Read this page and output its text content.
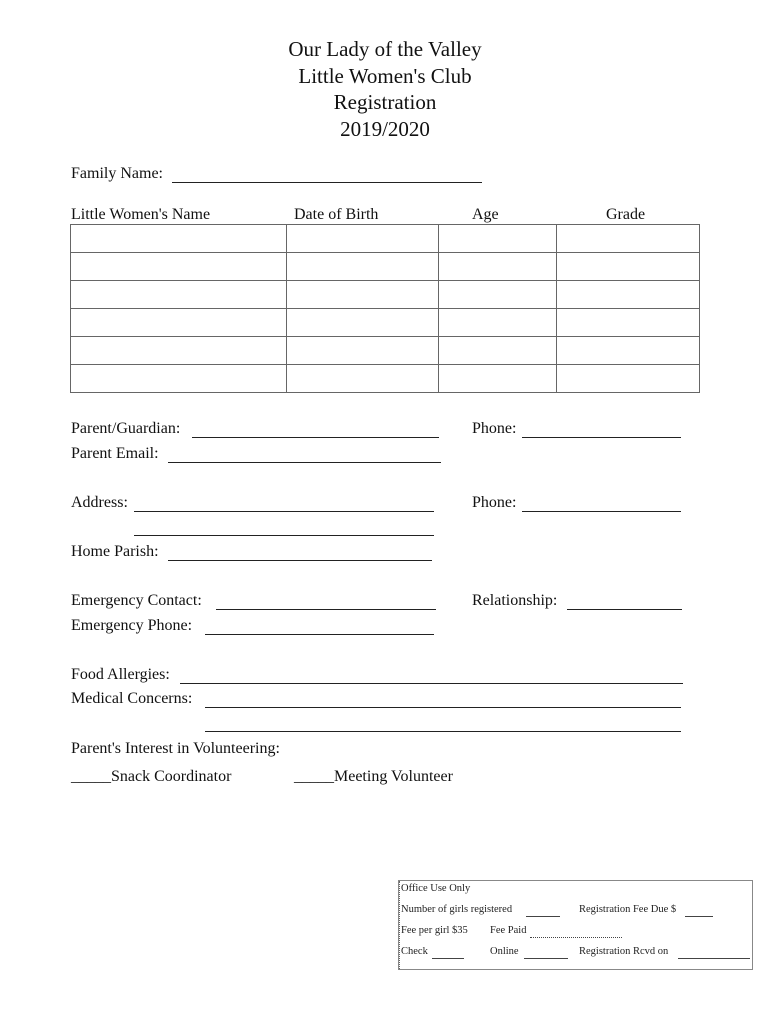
Our Lady of the Valley
Little Women's Club
Registration
2019/2020
Family Name:
Little Women's Name	Date of Birth	Age	Grade

Parent/Guardian:	Phone:
Parent Email:
Address:	Phone:
Home Parish:
Emergency Contact:	Relationship:
Emergency Phone:
Food Allergies:
Medical Concerns:
Parent's Interest in Volunteering:
_____Snack Coordinator	_____Meeting Volunteer
Office Use Only
Number of girls registered	Registration Fee Due $
Fee per girl $35 Fee Paid
Check	Online	Registration Rcvd on
